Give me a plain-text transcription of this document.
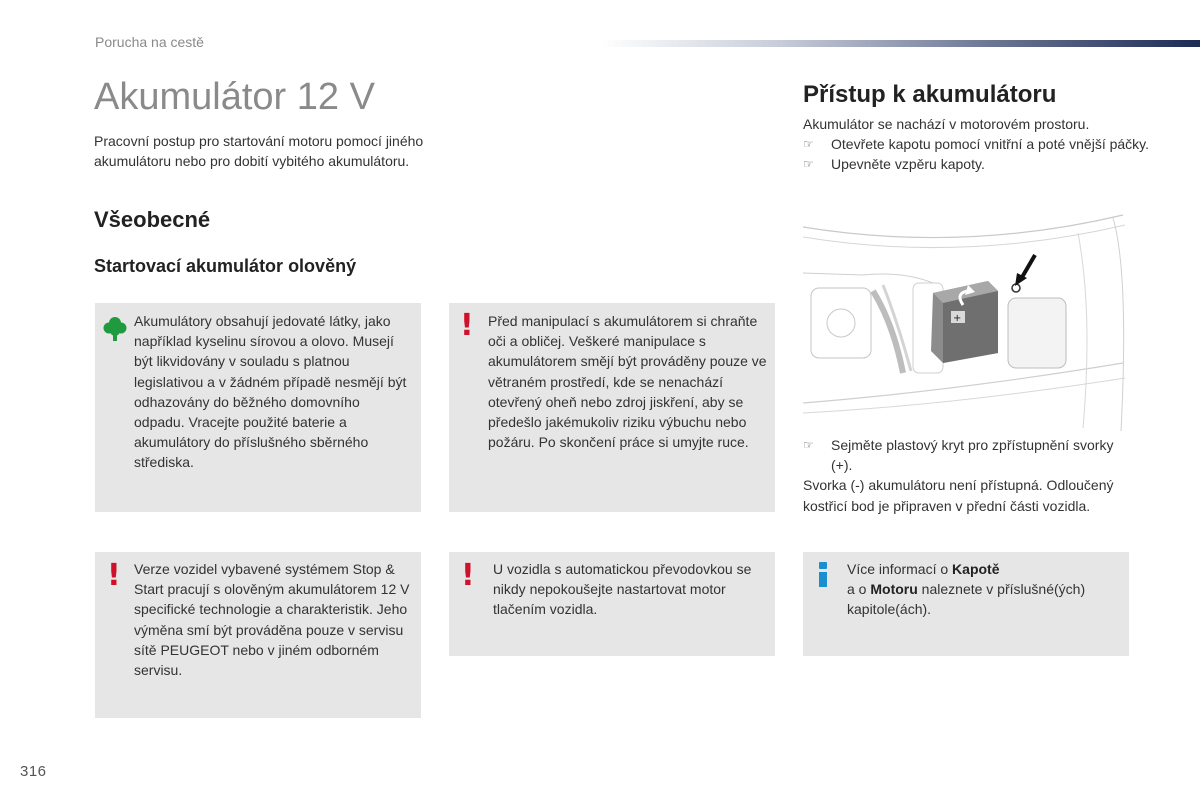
Poruch​a na cestě
Akumulátor 12 V
Pracovní postup pro startování motoru pomocí jiného akumulátoru nebo pro dobití vybitého akumulátoru.
Všeobecné
Startovací akumulátor olověný
Akumulátory obsahují jedovaté látky, jako například kyselinu sírovou a olovo. Musejí být likvidovány v souladu s platnou legislativou a v žádném případě nesmějí být odhazovány do běžného domovního odpadu. Vracejte použité baterie a akumulátory do příslušného sběrného střediska.
! Před manipulací s akumulátorem si chraňte oči a obličej. Veškeré manipulace s akumulátorem smějí být prováděny pouze ve větraném prostředí, kde se nenachází otevřený oheň nebo zdroj jiskření, aby se předešlo jakémukoliv riziku výbuchu nebo požáru. Po skončení práce si umyjte ruce.
! Verze vozidel vybavené systémem Stop & Start pracují s olověným akumulátorem 12 V specifické technologie a charakteristik. Jeho výměna smí být prováděna pouze v servisu sítě PEUGEOT nebo v jiném odborném servisu.
! U vozidla s automatickou převodovkou se nikdy nepokoušejte nastartovat motor tlačením vozidla.
Přístup k akumulátoru
Akumulátor se nachází v motorovém prostoru.
☞ Otevřete kapotu pomocí vnitřní a poté vnější páčky.
☞ Upevněte vzpěru kapoty.
+
☞ Sejměte plastový kryt pro zpřístupnění svorky (+).
Svorka (-) akumulátoru není přístupná. Odloučený kostřicí bod je připraven v přední části vozidla.
Více informací o Kapotě
a o Motoru naleznete v příslušné(ých) kapitole(ách).
316
